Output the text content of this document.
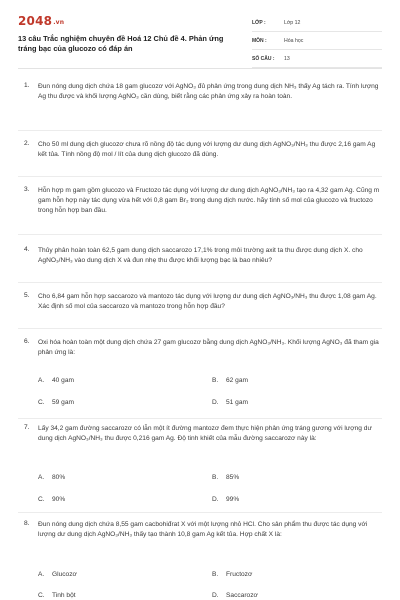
2048.vn
13 câu Trắc nghiệm chuyên đề Hoá 12 Chủ đề 4. Phản ứng tráng bạc của glucozo có đáp án
LỚP :	Lớp 12
MÔN :	Hóa học
SỐ CÂU :	13
1. Đun nóng dung dịch chứa 18 gam glucozơ với AgNO₃ đủ phản ứng trong dung dịch NH₃ thấy Ag tách ra. Tính lượng Ag thu được và khối lượng AgNO₃ cần dùng, biết rằng các phản ứng xảy ra hoàn toàn.
2. Cho 50 ml dung dịch glucozơ chưa rõ nồng độ tác dụng với lượng dư dung dịch AgNO₃/NH₃ thu được 2,16 gam Ag kết tủa. Tính nồng độ mol / lít của dung dịch glucozo đã dùng.
3. Hỗn hợp m gam gồm glucozo và Fructozo tác dụng với lượng dư dung dịch AgNO₃/NH₃ tạo ra 4,32 gam Ag. Cũng m gam hỗn hợp này tác dụng vừa hết với 0,8 gam Br₂ trong dung dịch nước. hãy tính số mol của glucozo và fructozo trong hỗn hợp ban đầu.
4. Thủy phân hoàn toàn 62,5 gam dung dịch saccarozo 17,1% trong môi trường axit ta thu được dung dịch X. cho AgNO₃/NH₃ vào dung dịch X và đun nhẹ thu được khối lượng bạc là bao nhiêu?
5. Cho 6,84 gam hỗn hợp saccarozo và mantozo tác dụng với lượng dư dung dịch AgNO₃/NH₃ thu được 1,08 gam Ag. Xác định số mol của saccarozo và mantozo trong hỗn hợp đầu?
6. Oxi hóa hoàn toàn một dung dịch chứa 27 gam glucozơ bằng dung dịch AgNO₃/NH₃. Khối lượng AgNO₃ đã tham gia phản ứng là:
A. 40 gam	B. 62 gam
C. 59 gam	D. 51 gam
7. Lấy 34,2 gam đường saccarozơ có lẫn một ít đường mantozơ đem thực hiện phản ứng tráng gương với lượng dư dung dịch AgNO₃/NH₃ thu được 0,216 gam Ag. Độ tinh khiết của mẫu đường saccarozơ này là:
A. 80%	B. 85%
C. 90%	D. 99%
8. Đun nóng dung dịch chứa 8,55 gam cacbohiđrat X với một lượng nhỏ HCl. Cho sản phẩm thu được tác dụng với lượng dư dung dịch AgNO₃/NH₃ thấy tạo thành 10,8 gam Ag kết tủa. Hợp chất X là:
A. Glucozơ	B. Fructozơ
C. Tinh bột	D. Saccarozơ
